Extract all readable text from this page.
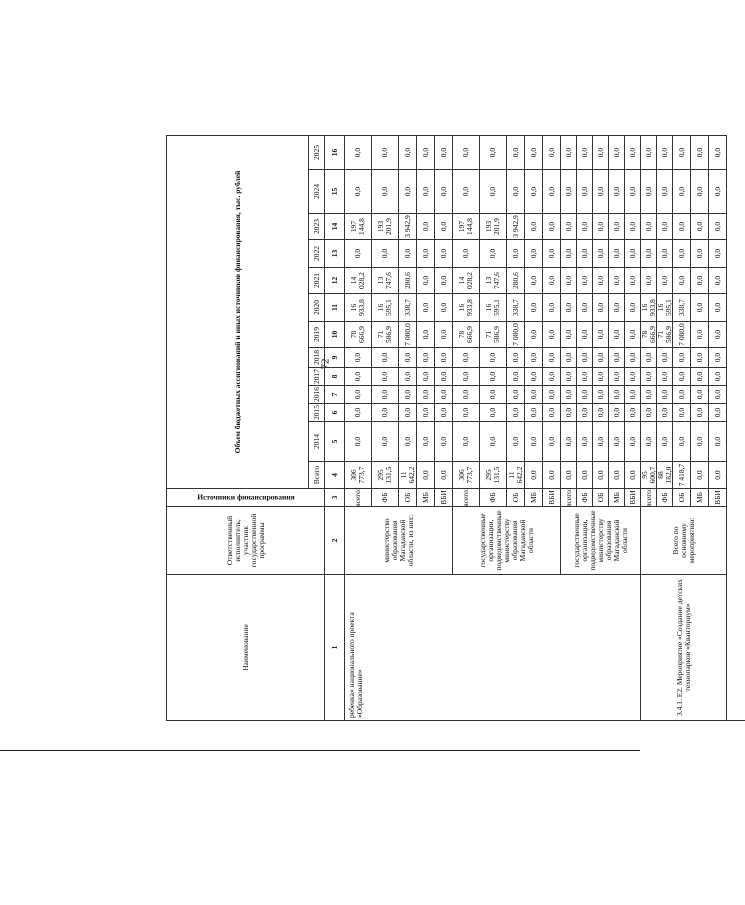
72
Наименование
Ответственный исполнитель, участник государственной программы
Источники финансирования
Объем бюджетных ассигнований и иных источников финансирования, тыс. рублей
Всего
2014
2015
2016
2017
2018
2019
2020
2021
2022
2023
2024
2025
1
2
3
4
5
6
7
8
9
10
11
12
13
14
15
16
ребенка» национального проекта «Образование»
министерство образования Магаданской области, из них:
всего:
306 773,7
0,0
0,0
0,0
0,0
0,0
78 666,9
16 933,8
14 028,2
0,0
197 144,8
0,0
0,0
ФБ
295 131,5
0,0
0,0
0,0
0,0
0,0
71 586,9
16 595,1
13 747,6
0,0
193 201,9
0,0
0,0
ОБ
11 642,2
0,0
0,0
0,0
0,0
0,0
7 080,0
338,7
280,6
0,0
3 942,9
0,0
0,0
МБ
0,0
0,0
0,0
0,0
0,0
0,0
0,0
0,0
0,0
0,0
0,0
0,0
0,0
ВБИ
0,0
0,0
0,0
0,0
0,0
0,0
0,0
0,0
0,0
0,0
0,0
0,0
0,0
государственные организации, подведомственные министерству образования Магаданской области
всего:
306 773,7
0,0
0,0
0,0
0,0
0,0
78 666,9
16 933,8
14 028,2
0,0
197 144,8
0,0
0,0
ФБ
295 131,5
0,0
0,0
0,0
0,0
0,0
71 586,9
16 595,1
13 747,6
0,0
193 201,9
0,0
0,0
ОБ
11 642,2
0,0
0,0
0,0
0,0
0,0
7 080,0
338,7
280,6
0,0
3 942,9
0,0
0,0
МБ
0,0
0,0
0,0
0,0
0,0
0,0
0,0
0,0
0,0
0,0
0,0
0,0
0,0
ВБИ
0,0
0,0
0,0
0,0
0,0
0,0
0,0
0,0
0,0
0,0
0,0
0,0
0,0
государственные организации, подведомственные министерству образования Магаданской области
всего:
0,0
0,0
0,0
0,0
0,0
0,0
0,0
0,0
0,0
0,0
0,0
0,0
0,0
ФБ
0,0
0,0
0,0
0,0
0,0
0,0
0,0
0,0
0,0
0,0
0,0
0,0
0,0
ОБ
0,0
0,0
0,0
0,0
0,0
0,0
0,0
0,0
0,0
0,0
0,0
0,0
0,0
МБ
0,0
0,0
0,0
0,0
0,0
0,0
0,0
0,0
0,0
0,0
0,0
0,0
0,0
ВБИ
0,0
0,0
0,0
0,0
0,0
0,0
0,0
0,0
0,0
0,0
0,0
0,0
0,0
3.4.1. Е2. Мероприятие «Создание детских технопарков «Кванториум»
Всего по основному мероприятию:
всего:
95 600,7
0,0
0,0
0,0
0,0
0,0
78 666,9
16 933,8
0,0
0,0
0,0
0,0
0,0
ФБ
88 182,0
0,0
0,0
0,0
0,0
0,0
71 586,9
16 595,1
0,0
0,0
0,0
0,0
0,0
ОБ
7 418,7
0,0
0,0
0,0
0,0
0,0
7 080,0
338,7
0,0
0,0
0,0
0,0
0,0
МБ
0,0
0,0
0,0
0,0
0,0
0,0
0,0
0,0
0,0
0,0
0,0
0,0
0,0
ВБИ
0,0
0,0
0,0
0,0
0,0
0,0
0,0
0,0
0,0
0,0
0,0
0,0
0,0
